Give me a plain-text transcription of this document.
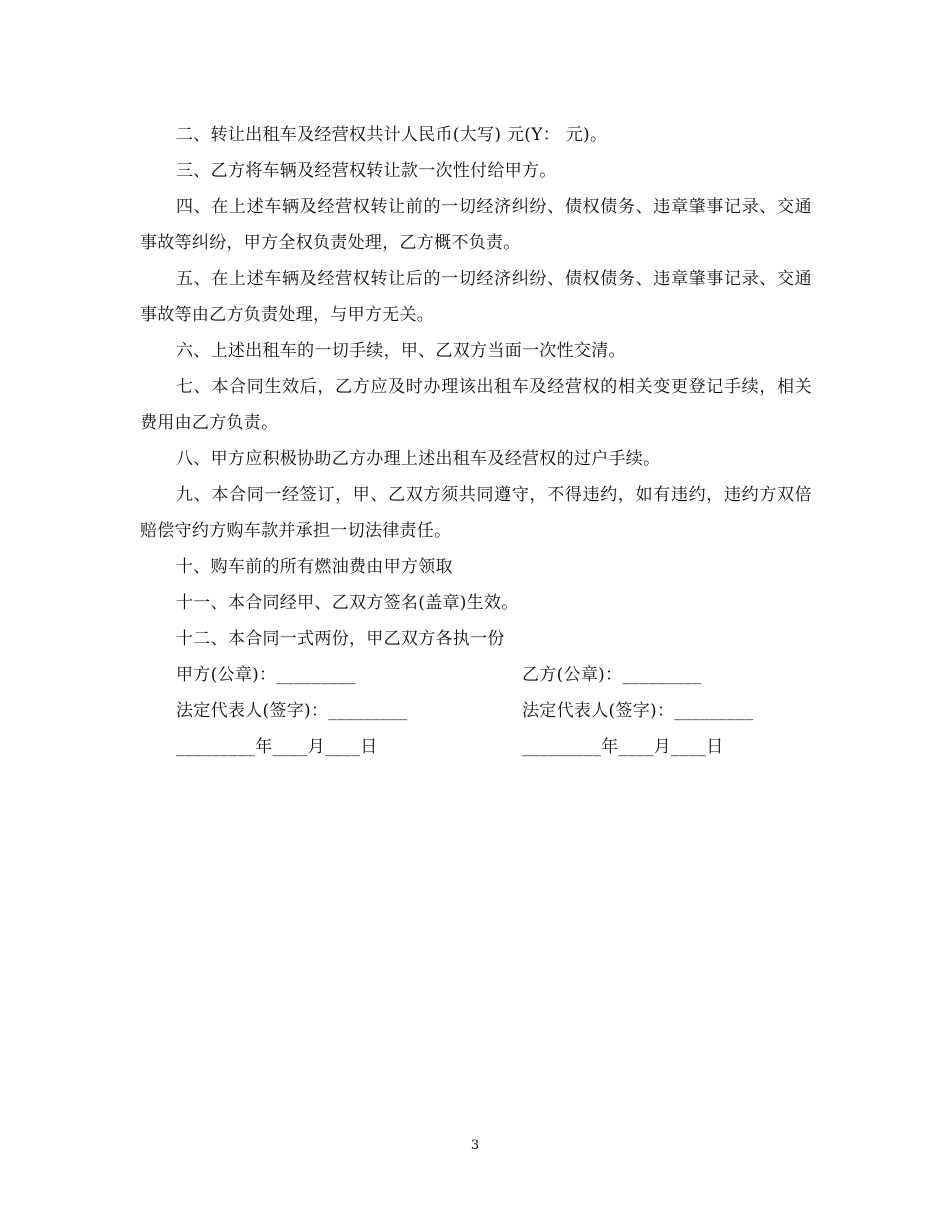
二、转让出租车及经营权共计人民币(大写) 元(Y： 元)。

三、乙方将车辆及经营权转让款一次性付给甲方。

四、在上述车辆及经营权转让前的一切经济纠纷、债权债务、违章肇事记录、交通事故等纠纷，甲方全权负责处理，乙方概不负责。

五、在上述车辆及经营权转让后的一切经济纠纷、债权债务、违章肇事记录、交通事故等由乙方负责处理，与甲方无关。

六、上述出租车的一切手续，甲、乙双方当面一次性交清。

七、本合同生效后，乙方应及时办理该出租车及经营权的相关变更登记手续，相关费用由乙方负责。

八、甲方应积极协助乙方办理上述出租车及经营权的过户手续。

九、本合同一经签订，甲、乙双方须共同遵守，不得违约，如有违约，违约方双倍赔偿守约方购车款并承担一切法律责任。

十、购车前的所有燃油费由甲方领取

十一、本合同经甲、乙双方签名(盖章)生效。

十二、本合同一式两份，甲乙双方各执一份

甲方(公章)：_________	乙方(公章)：_________
法定代表人(签字)：_________	法定代表人(签字)：_________
_________年____月____日	_________年____月____日
3
